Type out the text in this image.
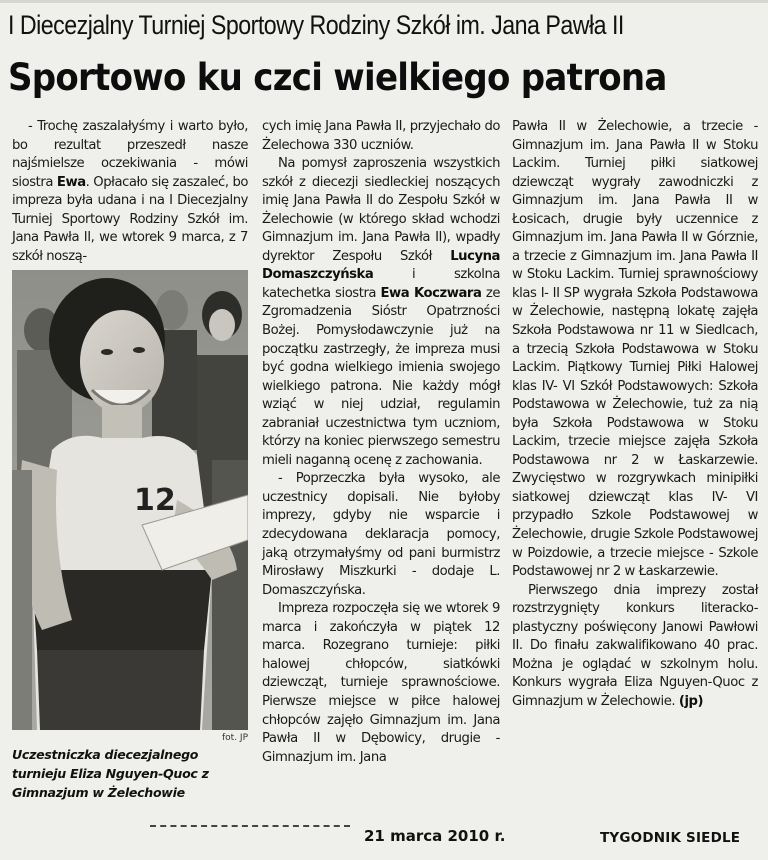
I Diecezjalny Turniej Sportowy Rodziny Szkół im. Jana Pawła II
Sportowo ku czci wielkiego patrona

- Trochę zaszalałyśmy i warto było, bo rezultat przeszedł nasze najśmielsze oczekiwania - mówi siostra Ewa. Opłacało się zaszaleć, bo impreza była udana i na I Diecezjalny Turniej Sportowy Rodziny Szkół im. Jana Pawła II, we wtorek 9 marca, z 7 szkół noszą-

12
fot. JP
Uczestniczka diecezjalnego turnieju Eliza Nguyen-Quoc z Gimnazjum w Żelechowie

cych imię Jana Pawła II, przyjechało do Żelechowa 330 uczniów.

Na pomysł zaproszenia wszystkich szkół z diecezji siedleckiej noszących imię Jana Pawła II do Zespołu Szkół w Żelechowie (w którego skład wchodzi Gimnazjum im. Jana Pawła II), wpadły dyrektor Zespołu Szkół Lucyna Domaszczyńska i szkolna katechetka siostra Ewa Koczwara ze Zgromadzenia Sióstr Opatrzności Bożej. Pomysłodawczynie już na początku zastrzegły, że impreza musi być godna wielkiego imienia swojego wielkiego patrona. Nie każdy mógł wziąć w niej udział, regulamin zabraniał uczestnictwa tym uczniom, którzy na koniec pierwszego semestru mieli naganną ocenę z zachowania.

- Poprzeczka była wysoko, ale uczestnicy dopisali. Nie byłoby imprezy, gdyby nie wsparcie i zdecydowana deklaracja pomocy, jaką otrzymałyśmy od pani burmistrz Mirosławy Miszkurki - dodaje L. Domaszczyńska.

Impreza rozpoczęła się we wtorek 9 marca i zakończyła w piątek 12 marca. Rozegrano turnieje: piłki halowej chłopców, siatkówki dziewcząt, turnieje sprawnościowe. Pierwsze miejsce w piłce halowej chłopców zajęło Gimnazjum im. Jana Pawła II w Dębowicy, drugie - Gimnazjum im. Jana

Pawła II w Żelechowie, a trzecie - Gimnazjum im. Jana Pawła II w Stoku Lackim. Turniej piłki siatkowej dziewcząt wygrały zawodniczki z Gimnazjum im. Jana Pawła II w Łosicach, drugie były uczennice z Gimnazjum im. Jana Pawła II w Górznie, a trzecie z Gimnazjum im. Jana Pawła II w Stoku Lackim. Turniej sprawnościowy klas I- II SP wygrała Szkoła Podstawowa w Żelechowie, następną lokatę zajęła Szkoła Podstawowa nr 11 w Siedlcach, a trzecią Szkoła Podstawowa w Stoku Lackim. Piątkowy Turniej Piłki Halowej klas IV- VI Szkół Podstawowych: Szkoła Podstawowa w Żelechowie, tuż za nią była Szkoła Podstawowa w Stoku Lackim, trzecie miejsce zajęła Szkoła Podstawowa nr 2 w Łaskarzewie. Zwycięstwo w rozgrywkach minipiłki siatkowej dziewcząt klas IV- VI przypadło Szkole Podstawowej w Żelechowie, drugie Szkole Podstawowej w Poizdowie, a trzecie miejsce - Szkole Podstawowej nr 2 w Łaskarzewie.

Pierwszego dnia imprezy został rozstrzygnięty konkurs literacko-plastyczny poświęcony Janowi Pawłowi II. Do finału zakwalifikowano 40 prac. Można je oglądać w szkolnym holu. Konkurs wygrała Eliza Nguyen-Quoc z Gimnazjum w Żelechowie. (jp)

21 marca 2010 r.	TYGODNIK SIEDLE
